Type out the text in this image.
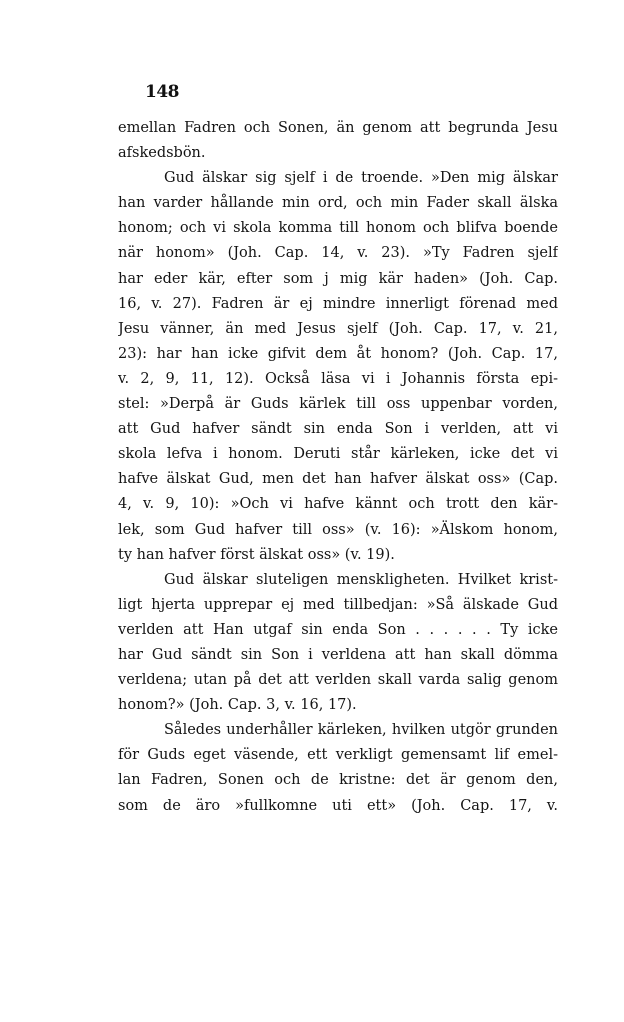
148
emellan Fadren och Sonen, än genom att begrunda Jesu
afskedsbön.
Gud älskar sig sjelf i de troende. »Den mig älskar
han varder hållande min ord, och min Fader skall älska
honom; och vi skola komma till honom och blifva boende
när honom» (Joh. Cap. 14, v. 23). »Ty Fadren sjelf
har eder kär, efter som j mig kär haden» (Joh. Cap.
16, v. 27). Fadren är ej mindre innerligt förenad med
Jesu vänner, än med Jesus sjelf (Joh. Cap. 17, v. 21,
23): har han icke gifvit dem åt honom? (Joh. Cap. 17,
v. 2, 9, 11, 12). Också läsa vi i Johannis första epi-
stel: »Derpå är Guds kärlek till oss uppenbar vorden,
att Gud hafver sändt sin enda Son i verlden, att vi
skola lefva i honom. Deruti står kärleken, icke det vi
hafve älskat Gud, men det han hafver älskat oss» (Cap.
4, v. 9, 10): »Och vi hafve kännt och trott den kär-
lek, som Gud hafver till oss» (v. 16): »Älskom honom,
ty han hafver först älskat oss» (v. 19).
Gud älskar sluteligen menskligheten. Hvilket krist-
ligt hjerta upprepar ej med tillbedjan: »Så älskade Gud
verlden att Han utgaf sin enda Son . . . . . . Ty icke
har Gud sändt sin Son i verldena att han skall dömma
verldena; utan på det att verlden skall varda salig genom
honom?» (Joh. Cap. 3, v. 16, 17).
Således underhåller kärleken, hvilken utgör grunden
för Guds eget väsende, ett verkligt gemensamt lif emel-
lan Fadren, Sonen och de kristne: det är genom den,
som de äro »fullkomne uti ett» (Joh. Cap. 17, v.
